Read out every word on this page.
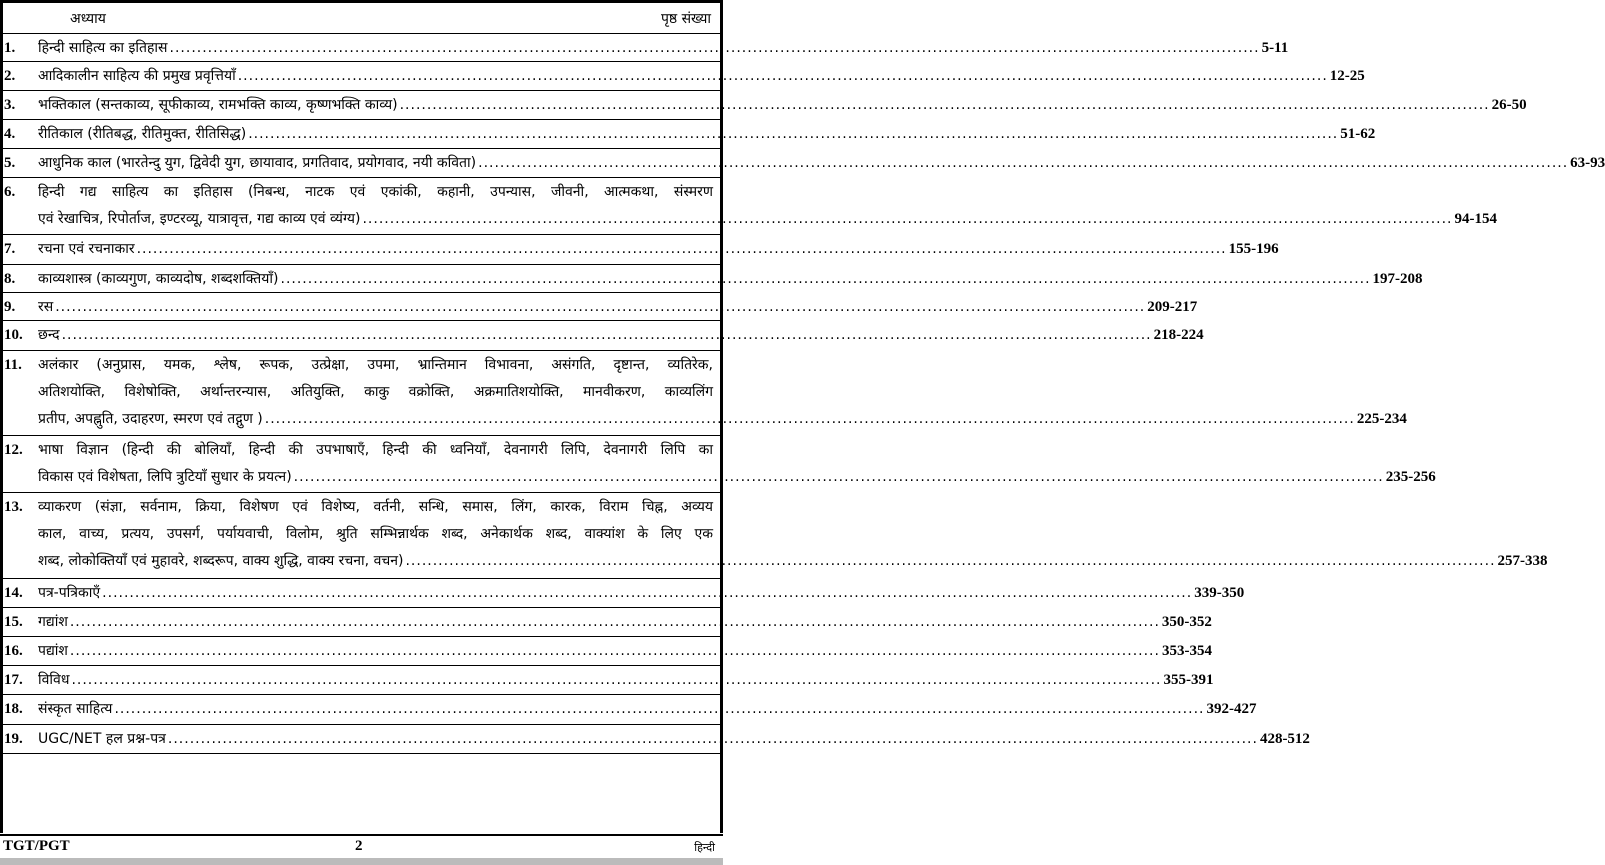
अध्याय	पृष्ठ संख्या
1. हिन्दी साहित्य का इतिहास ........................................................................................................................................................................................................ 5-11
2. आदिकालीन साहित्य की प्रमुख प्रवृत्तियाँ ........................................................................................................................................................................................................ 12-25
3. भक्तिकाल (सन्तकाव्य, सूफीकाव्य, रामभक्ति काव्य, कृष्णभक्ति काव्य) ........................................................................................................................................................................................................ 26-50
4. रीतिकाल (रीतिबद्ध, रीतिमुक्त, रीतिसिद्ध) ........................................................................................................................................................................................................ 51-62
5. आधुनिक काल (भारतेन्दु युग, द्विवेदी युग, छायावाद, प्रगतिवाद, प्रयोगवाद, नयी कविता) ........................................................................................................................................................................................................ 63-93
6. हिन्दी गद्य साहित्य का इतिहास (निबन्ध, नाटक एवं एकांकी, कहानी, उपन्यास, जीवनी, आत्मकथा, संस्मरण
एवं रेखाचित्र, रिपोर्ताज, इण्टरव्यू, यात्रावृत्त, गद्य काव्य एवं व्यंग्य) ........................................................................................................................................................................................................ 94-154
7. रचना एवं रचनाकार ........................................................................................................................................................................................................ 155-196
8. काव्यशास्त्र (काव्यगुण, काव्यदोष, शब्दशक्तियाँ) ........................................................................................................................................................................................................ 197-208
9. रस ........................................................................................................................................................................................................ 209-217
10. छन्द ........................................................................................................................................................................................................ 218-224
11. अलंकार (अनुप्रास, यमक, श्लेष, रूपक, उत्प्रेक्षा, उपमा, भ्रान्तिमान विभावना, असंगति, दृष्टान्त, व्यतिरेक,
अतिशयोक्ति, विशेषोक्ति, अर्थान्तरन्यास, अतियुक्ति, काकु वक्रोक्ति, अक्रमातिशयोक्ति, मानवीकरण, काव्यलिंग
प्रतीप, अपह्नुति, उदाहरण, स्मरण एवं तद्गुण ) ........................................................................................................................................................................................................ 225-234
12. भाषा विज्ञान (हिन्दी की बोलियाँ, हिन्दी की उपभाषाएँ, हिन्दी की ध्वनियाँ, देवनागरी लिपि, देवनागरी लिपि का
विकास एवं विशेषता, लिपि त्रुटियाँ सुधार के प्रयत्न) ........................................................................................................................................................................................................ 235-256
13. व्याकरण (संज्ञा, सर्वनाम, क्रिया, विशेषण एवं विशेष्य, वर्तनी, सन्धि, समास, लिंग, कारक, विराम चिह्न, अव्यय
काल, वाच्य, प्रत्यय, उपसर्ग, पर्यायवाची, विलोम, श्रुति सम्भिन्नार्थक शब्द, अनेकार्थक शब्द, वाक्यांश के लिए एक
शब्द, लोकोक्तियाँ एवं मुहावरे, शब्दरूप, वाक्य शुद्धि, वाक्य रचना, वचन) ........................................................................................................................................................................................................ 257-338
14. पत्र-पत्रिकाएँ ........................................................................................................................................................................................................ 339-350
15. गद्यांश ........................................................................................................................................................................................................ 350-352
16. पद्यांश ........................................................................................................................................................................................................ 353-354
17. विविध ........................................................................................................................................................................................................ 355-391
18. संस्कृत साहित्य ........................................................................................................................................................................................................ 392-427
19. UGC/NET हल प्रश्न-पत्र ........................................................................................................................................................................................................ 428-512
TGT/PGT	2	हिन्दी
